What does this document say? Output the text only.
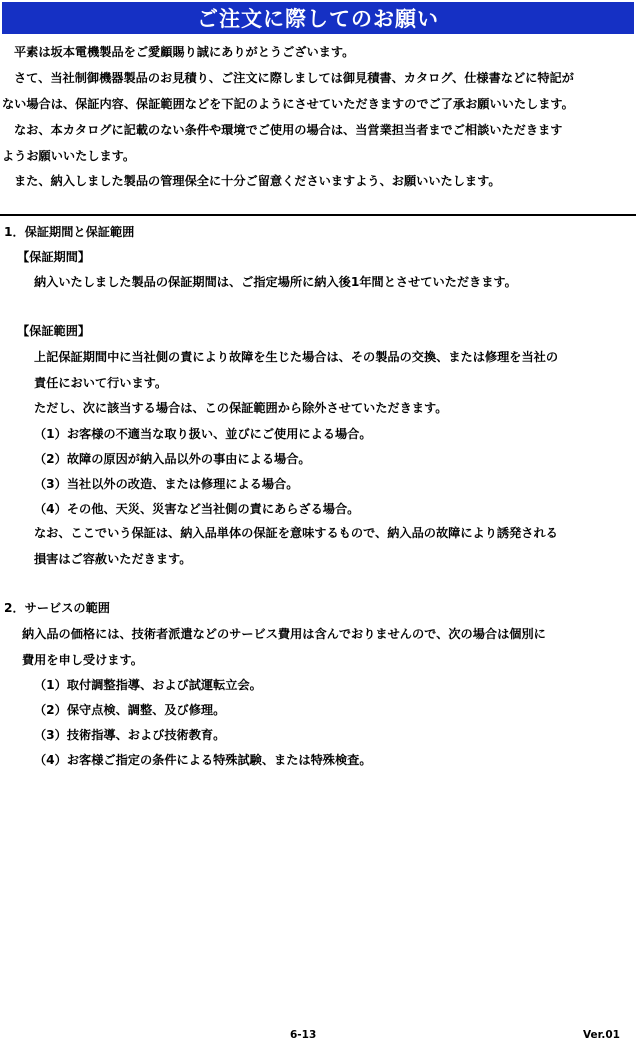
ご注文に際してのお願い
平素は坂本電機製品をご愛顧賜り誠にありがとうございます。
さて、当社制御機器製品のお見積り、ご注文に際しましては御見積書、カタログ、仕様書などに特記が
ない場合は、保証内容、保証範囲などを下記のようにさせていただきますのでご了承お願いいたします。
なお、本カタログに記載のない条件や環境でご使用の場合は、当営業担当者までご相談いただきます
ようお願いいたします。
また、納入しました製品の管理保全に十分ご留意くださいますよう、お願いいたします。
1．保証期間と保証範囲
【保証期間】
納入いたしました製品の保証期間は、ご指定場所に納入後1年間とさせていただきます。
【保証範囲】
上記保証期間中に当社側の責により故障を生じた場合は、その製品の交換、または修理を当社の
責任において行います。
ただし、次に該当する場合は、この保証範囲から除外させていただきます。
（1）お客様の不適当な取り扱い、並びにご使用による場合。
（2）故障の原因が納入品以外の事由による場合。
（3）当社以外の改造、または修理による場合。
（4）その他、天災、災害など当社側の責にあらざる場合。
なお、ここでいう保証は、納入品単体の保証を意味するもので、納入品の故障により誘発される
損害はご容赦いただきます。
2．サービスの範囲
納入品の価格には、技術者派遣などのサービス費用は含んでおりませんので、次の場合は個別に
費用を申し受けます。
（1）取付調整指導、および試運転立会。
（2）保守点検、調整、及び修理。
（3）技術指導、および技術教育。
（4）お客様ご指定の条件による特殊試験、または特殊検査。
6-13	Ver.01
